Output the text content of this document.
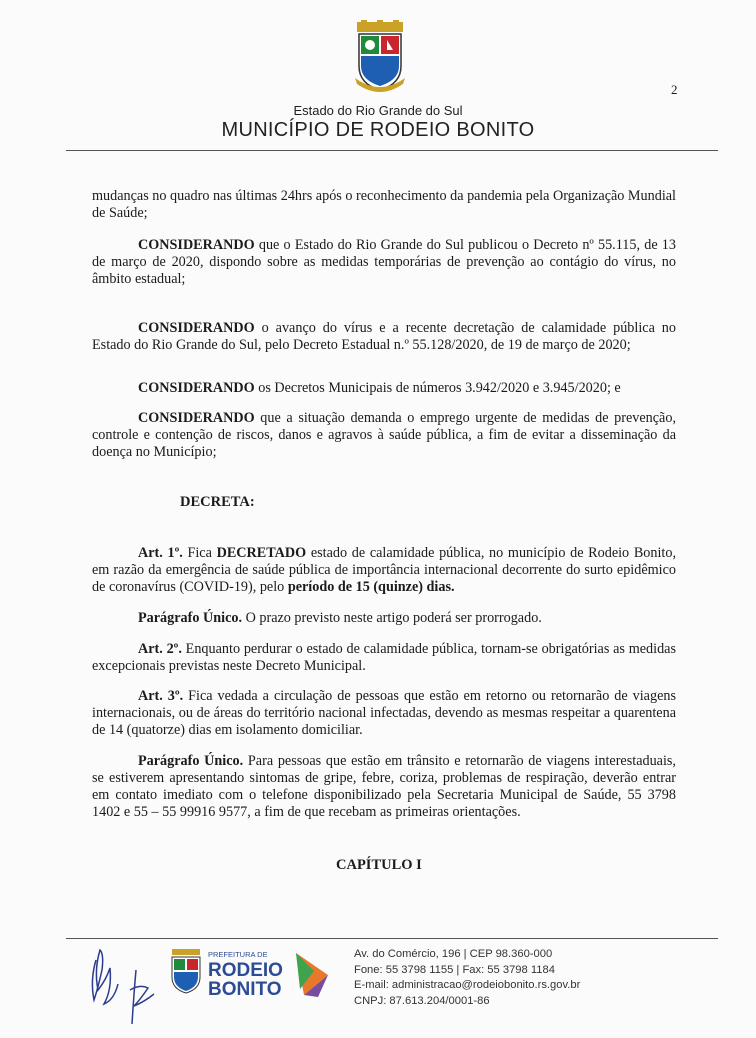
2
Estado do Rio Grande do Sul
MUNICÍPIO DE RODEIO BONITO

mudanças no quadro nas últimas 24hrs após o reconhecimento da pandemia pela Organização Mundial de Saúde;

CONSIDERANDO que o Estado do Rio Grande do Sul publicou o Decreto nº 55.115, de 13 de março de 2020, dispondo sobre as medidas temporárias de prevenção ao contágio do vírus, no âmbito estadual;

CONSIDERANDO o avanço do vírus e a recente decretação de calamidade pública no Estado do Rio Grande do Sul, pelo Decreto Estadual n.º 55.128/2020, de 19 de março de 2020;

CONSIDERANDO os Decretos Municipais de números 3.942/2020 e 3.945/2020; e

CONSIDERANDO que a situação demanda o emprego urgente de medidas de prevenção, controle e contenção de riscos, danos e agravos à saúde pública, a fim de evitar a disseminação da doença no Município;

DECRETA:

Art. 1º. Fica DECRETADO estado de calamidade pública, no município de Rodeio Bonito, em razão da emergência de saúde pública de importância internacional decorrente do surto epidêmico de coronavírus (COVID-19), pelo período de 15 (quinze) dias.

Parágrafo Único. O prazo previsto neste artigo poderá ser prorrogado.

Art. 2º. Enquanto perdurar o estado de calamidade pública, tornam-se obrigatórias as medidas excepcionais previstas neste Decreto Municipal.

Art. 3º. Fica vedada a circulação de pessoas que estão em retorno ou retornarão de viagens internacionais, ou de áreas do território nacional infectadas, devendo as mesmas respeitar a quarentena de 14 (quatorze) dias em isolamento domiciliar.

Parágrafo Único. Para pessoas que estão em trânsito e retornarão de viagens interestaduais, se estiverem apresentando sintomas de gripe, febre, coriza, problemas de respiração, deverão entrar em contato imediato com o telefone disponibilizado pela Secretaria Municipal de Saúde, 55 3798 1402 e 55 – 55 99916 9577, a fim de que recebam as primeiras orientações.

CAPÍTULO I
PREFEITURA DE
RODEIO
BONITO
Av. do Comércio, 196 | CEP 98.360-000
Fone: 55 3798 1155 | Fax: 55 3798 1184
E-mail: administracao@rodeiobonito.rs.gov.br
CNPJ: 87.613.204/0001-86
